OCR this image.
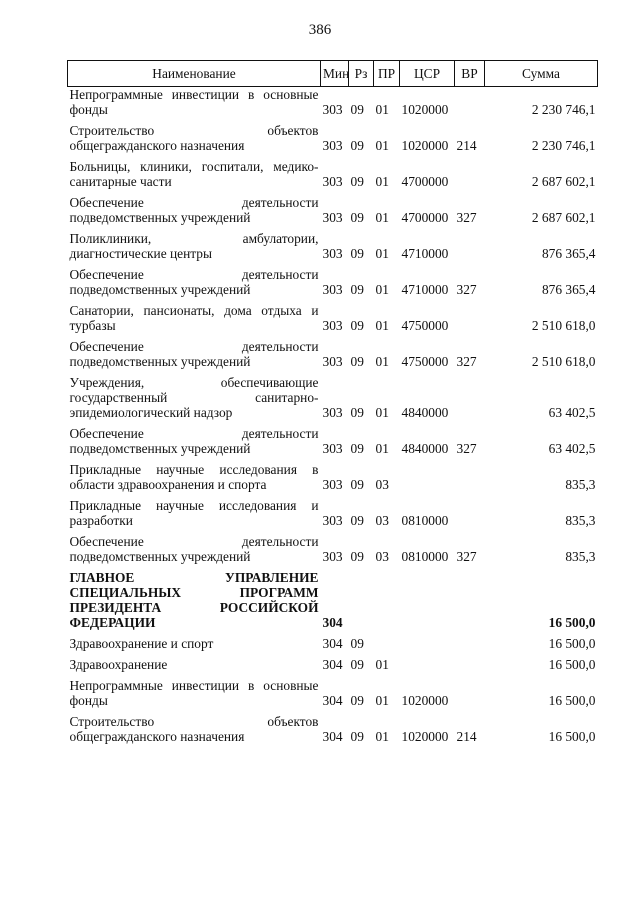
386
Наименование	Мин	Рз	ПР	ЦСР	ВР	Сумма
Непрограммные инвестиции в основные фонды	303	09	01	1020000		2 230 746,1

Строительство объектов общегражданского назначения	303	09	01	1020000	214	2 230 746,1

Больницы, клиники, госпитали, медико-санитарные части	303	09	01	4700000		2 687 602,1

Обеспечение деятельности подведомственных учреждений	303	09	01	4700000	327	2 687 602,1

Поликлиники, амбулатории, диагностические центры	303	09	01	4710000		876 365,4

Обеспечение деятельности подведомственных учреждений	303	09	01	4710000	327	876 365,4

Санатории, пансионаты, дома отдыха и турбазы	303	09	01	4750000		2 510 618,0

Обеспечение деятельности подведомственных учреждений	303	09	01	4750000	327	2 510 618,0

Учреждения, обеспечивающие государственный санитарно-эпидемиологический надзор	303	09	01	4840000		63 402,5

Обеспечение деятельности подведомственных учреждений	303	09	01	4840000	327	63 402,5

Прикладные научные исследования в области здравоохранения и спорта	303	09	03			835,3

Прикладные научные исследования и разработки	303	09	03	0810000		835,3

Обеспечение деятельности подведомственных учреждений	303	09	03	0810000	327	835,3

ГЛАВНОЕ УПРАВЛЕНИЕ СПЕЦИАЛЬНЫХ ПРОГРАММ ПРЕЗИДЕНТА РОССИЙСКОЙ ФЕДЕРАЦИИ	304					16 500,0

Здравоохранение и спорт	304	09				16 500,0

Здравоохранение	304	09	01			16 500,0

Непрограммные инвестиции в основные фонды	304	09	01	1020000		16 500,0

Строительство объектов общегражданского назначения	304	09	01	1020000	214	16 500,0
